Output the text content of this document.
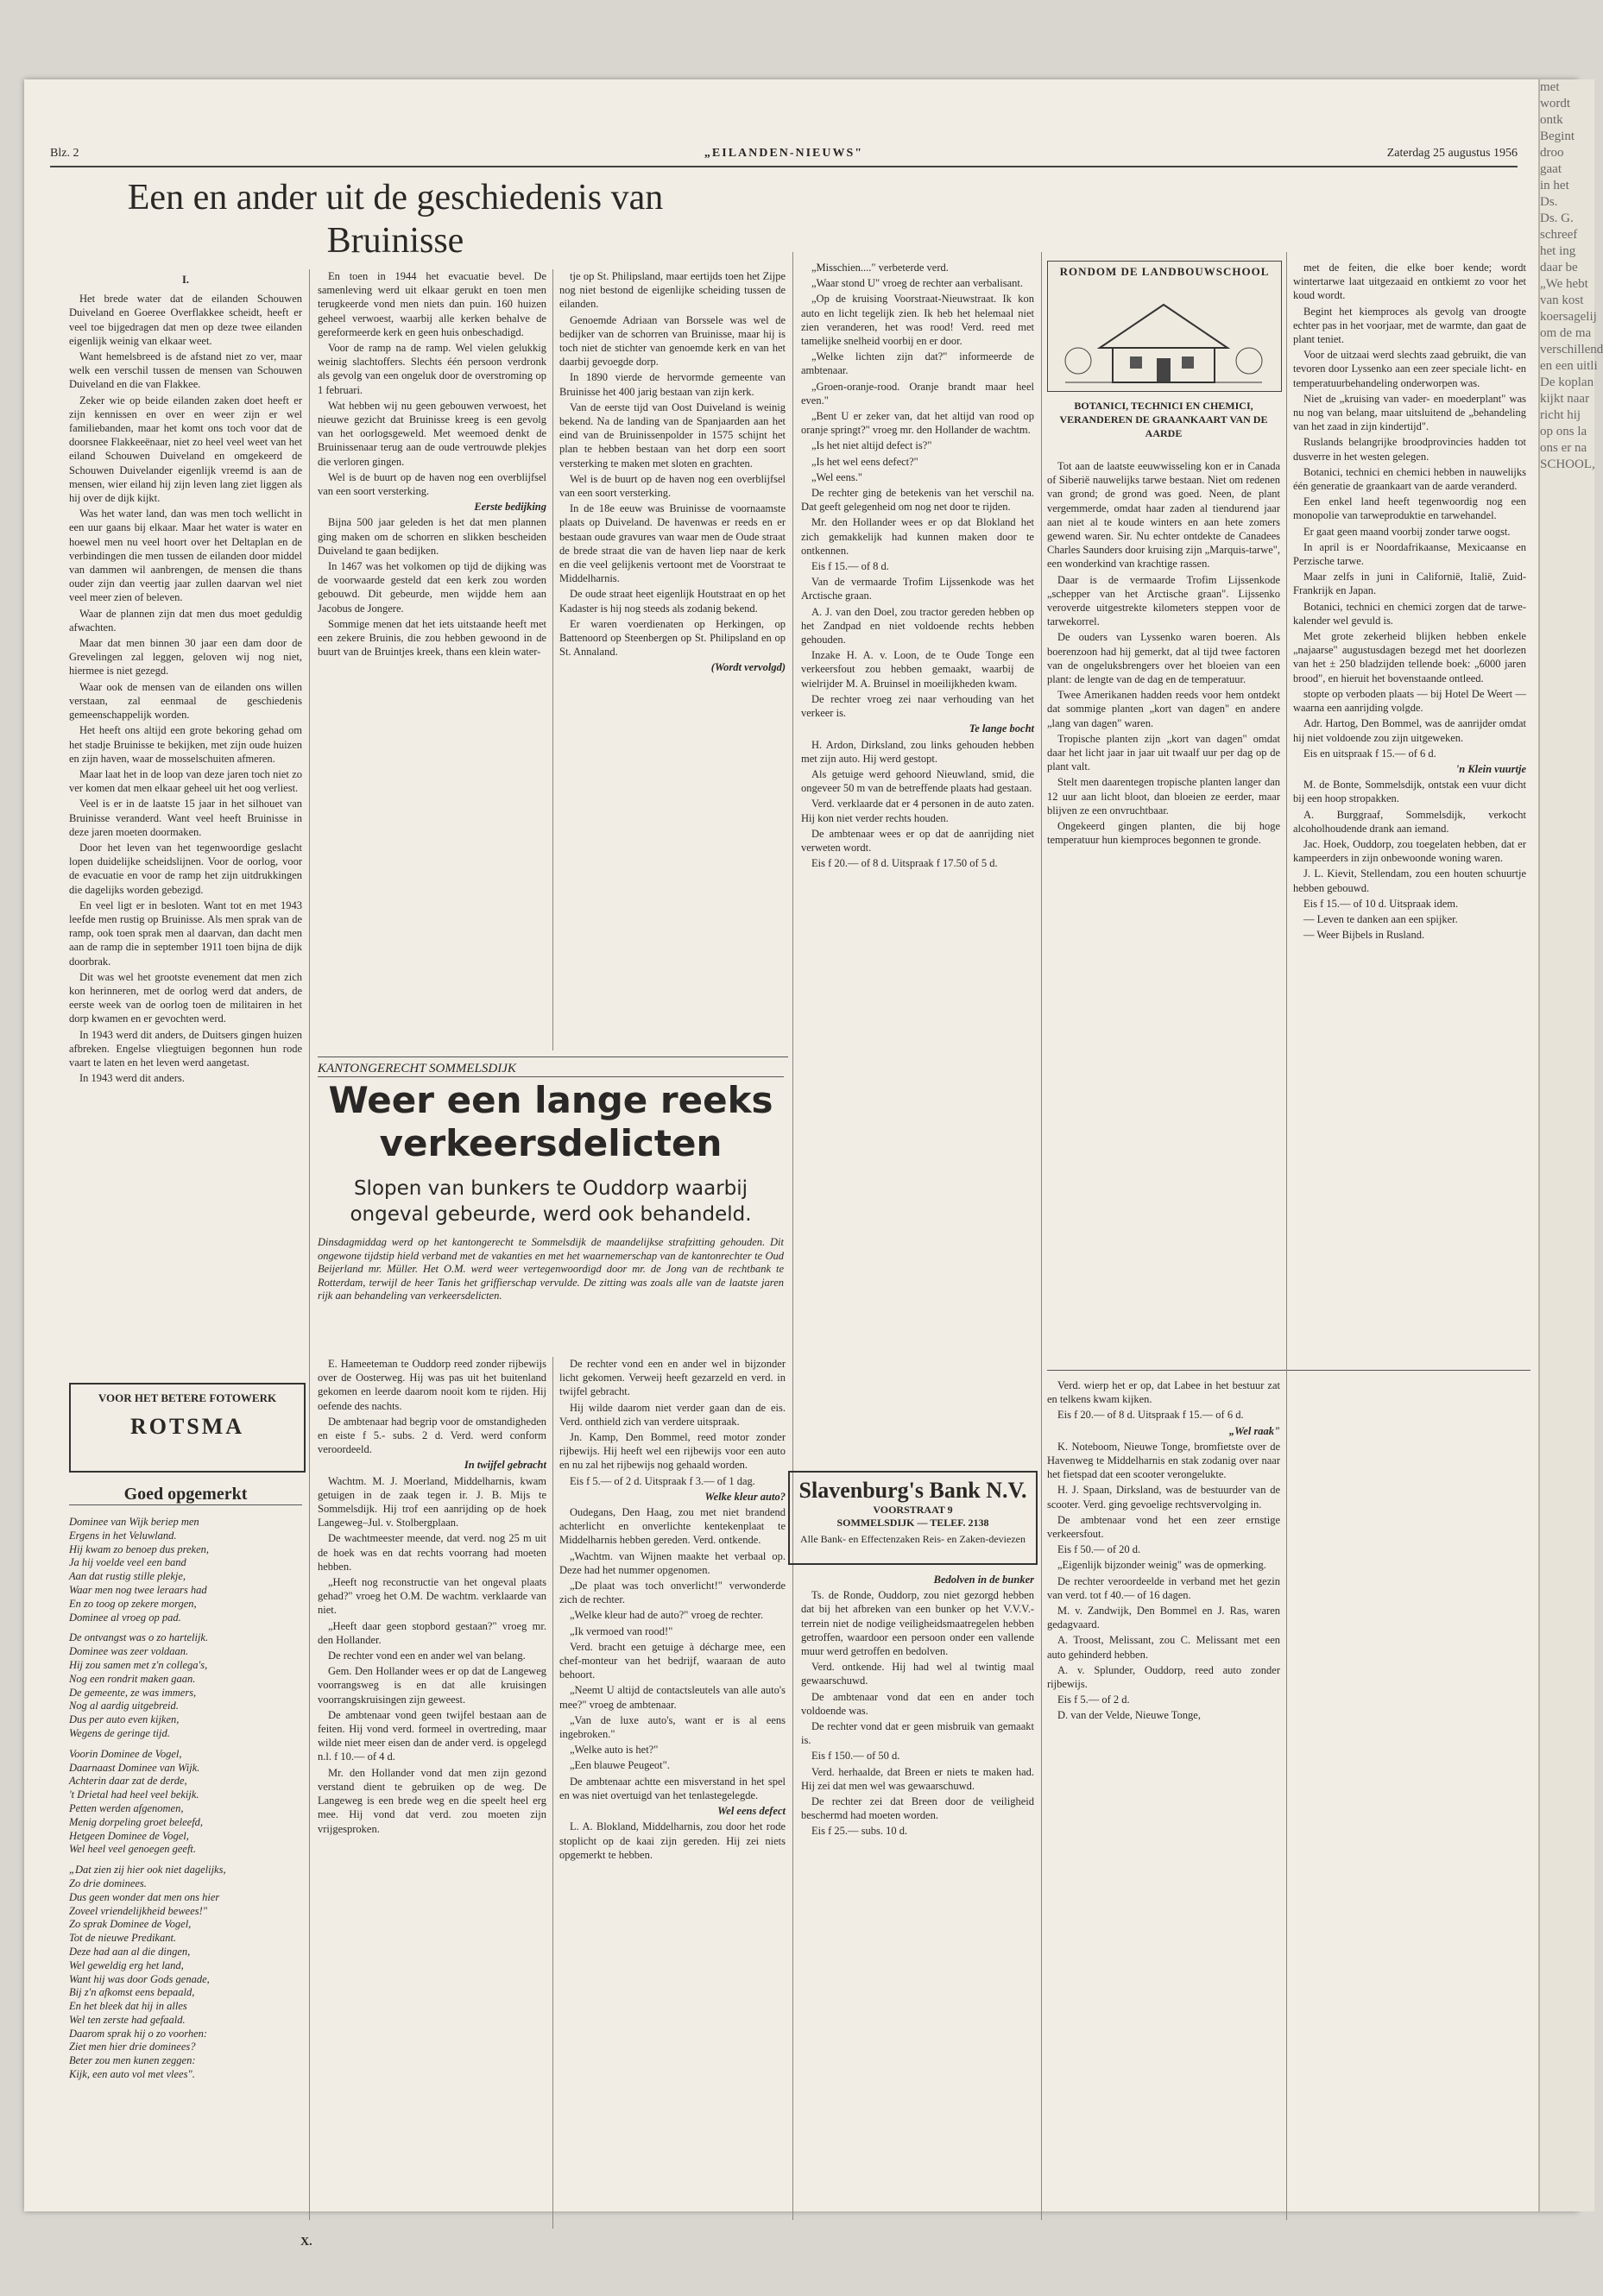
Blz. 2	„EILANDEN-NIEUWS"	Zaterdag 25 augustus 1956
Een en ander uit de geschiedenis van Bruinisse
I.

Het brede water dat de eilanden Schouwen Duiveland en Goeree Overflakkee scheidt, heeft er veel toe bijgedragen dat men op deze twee eilanden eigenlijk weinig van elkaar weet.

Want hemelsbreed is de afstand niet zo ver, maar welk een verschil tussen de mensen van Schouwen Duiveland en die van Flakkee.

Zeker wie op beide eilanden zaken doet heeft er zijn kennissen en over en weer zijn er wel familiebanden, maar het komt ons toch voor dat de doorsnee Flakkeeënaar, niet zo heel veel weet van het eiland Schouwen Duiveland en omgekeerd de Schouwen Duivelander eigenlijk vreemd is aan de mensen, wier eiland hij zijn leven lang ziet liggen als hij over de dijk kijkt.

Was het water land, dan was men toch wellicht in een uur gaans bij elkaar. Maar het water is water en hoewel men nu veel hoort over het Deltaplan en de verbindingen die men tussen de eilanden door middel van dammen wil aanbrengen, de mensen die thans ouder zijn dan veertig jaar zullen daarvan wel niet veel meer zien of beleven.

Waar de plannen zijn dat men dus moet geduldig afwachten.

Maar dat men binnen 30 jaar een dam door de Grevelingen zal leggen, geloven wij nog niet, hiermee is niet gezegd.

Waar ook de mensen van de eilanden ons willen verstaan, zal eenmaal de geschiedenis gemeenschappelijk worden.

Het heeft ons altijd een grote bekoring gehad om het stadje Bruinisse te bekijken, met zijn oude huizen en zijn haven, waar de mosselschuiten afmeren.

Maar laat het in de loop van deze jaren toch niet zo ver komen dat men elkaar geheel uit het oog verliest.

Veel is er in de laatste 15 jaar in het silhouet van Bruinisse veranderd. Want veel heeft Bruinisse in deze jaren moeten doormaken.

Door het leven van het tegenwoordige geslacht lopen duidelijke scheidslijnen. Voor de oorlog, voor de evacuatie en voor de ramp het zijn uitdrukkingen die dagelijks worden gebezigd.

En veel ligt er in besloten. Want tot en met 1943 leefde men rustig op Bruinisse. Als men sprak van de ramp, ook toen sprak men al daarvan, dan dacht men aan de ramp die in september 1911 toen bijna de dijk doorbrak.

Dit was wel het grootste evenement dat men zich kon herinneren, met de oorlog werd dat anders, de eerste week van de oorlog toen de militairen in het dorp kwamen en er gevochten werd.

In 1943 werd dit anders, de Duitsers gingen huizen afbreken. Engelse vliegtuigen begonnen hun rode vaart te laten en het leven werd aangetast.

In 1943 werd dit anders.

En toen in 1944 het evacuatie bevel. De samenleving werd uit elkaar gerukt en toen men terugkeerde vond men niets dan puin. 160 huizen geheel verwoest, waarbij alle kerken behalve de gereformeerde kerk en geen huis onbeschadigd.

Voor de ramp na de ramp. Wel vielen gelukkig weinig slachtoffers. Slechts één persoon verdronk als gevolg van een ongeluk door de overstroming op 1 februari.

Wat hebben wij nu geen gebouwen verwoest, het nieuwe gezicht dat Bruinisse kreeg is een gevolg van het oorlogsgeweld. Met weemoed denkt de Bruinissenaar terug aan de oude vertrouwde plekjes die verloren gingen.

Wel is de buurt op de haven nog een overblijfsel van een soort versterking.

Eerste bedijking

Bijna 500 jaar geleden is het dat men plannen ging maken om de schorren en slikken bescheiden Duiveland te gaan bedijken.

In 1467 was het volkomen op tijd de dijking was de voorwaarde gesteld dat een kerk zou worden gebouwd. Dit gebeurde, men wijdde hem aan Jacobus de Jongere.

Sommige menen dat het iets uitstaande heeft met een zekere Bruinis, die zou hebben gewoond in de buurt van de Bruintjes kreek, thans een klein water-

tje op St. Philipsland, maar eertijds toen het Zijpe nog niet bestond de eigenlijke scheiding tussen de eilanden.

Genoemde Adriaan van Borssele was wel de bedijker van de schorren van Bruinisse, maar hij is toch niet de stichter van genoemde kerk en van het daarbij gevoegde dorp.

In 1890 vierde de hervormde gemeente van Bruinisse het 400 jarig bestaan van zijn kerk.

Van de eerste tijd van Oost Duiveland is weinig bekend. Na de landing van de Spanjaarden aan het eind van de Bruinissenpolder in 1575 schijnt het plan te hebben bestaan van het dorp een soort versterking te maken met sloten en grachten.

Wel is de buurt op de haven nog een overblijfsel van een soort versterking.

In de 18e eeuw was Bruinisse de voornaamste plaats op Duiveland. De havenwas er reeds en er bestaan oude gravures van waar men de Oude straat de brede straat die van de haven liep naar de kerk en die veel gelijkenis vertoont met de Voorstraat te Middelharnis.

De oude straat heet eigenlijk Houtstraat en op het Kadaster is hij nog steeds als zodanig bekend.

Er waren voerdienaten op Herkingen, op Battenoord op Steenbergen op St. Philipsland en op St. Annaland.

(Wordt vervolgd)

VOOR HET BETERE FOTOWERK
ROTSMA
Goed opgemerkt
Dominee van Wijk beriep men
Ergens in het Veluwland.
Hij kwam zo benoep dus preken,
Ja hij voelde veel een band
Aan dat rustig stille plekje,
Waar men nog twee leraars had
En zo toog op zekere morgen,
Dominee al vroeg op pad.
De ontvangst was o zo hartelijk.
Dominee was zeer voldaan.
Hij zou samen met z'n collega's,
Nog een rondrit maken gaan.
De gemeente, ze was immers,
Nog al aardig uitgebreid.
Dus per auto even kijken,
Wegens de geringe tijd.
Voorin Dominee de Vogel,
Daarnaast Dominee van Wijk.
Achterin daar zat de derde,
't Drietal had heel veel bekijk.
Petten werden afgenomen,
Menig dorpeling groet beleefd,
Hetgeen Dominee de Vogel,
Wel heel veel genoegen geeft.
„Dat zien zij hier ook niet dagelijks,
Zo drie dominees.
Dus geen wonder dat men ons hier
Zoveel vriendelijkheid bewees!"
Zo sprak Dominee de Vogel,
Tot de nieuwe Predikant.
Deze had aan al die dingen,
Wel geweldig erg het land,
Want hij was door Gods genade,
Bij z'n afkomst eens bepaald,
En het bleek dat hij in alles
Wel ten zerste had gefaald.
Daarom sprak hij o zo voorhen:
Ziet men hier drie dominees?
Beter zou men kunen zeggen:
Kijk, een auto vol met vlees".
X.
KANTONGERECHT SOMMELSDIJK
Weer een lange reeks verkeersdelicten
Slopen van bunkers te Ouddorp waarbij ongeval gebeurde, werd ook behandeld.
Dinsdagmiddag werd op het kantongerecht te Sommelsdijk de maandelijkse strafzitting gehouden. Dit ongewone tijdstip hield verband met de vakanties en met het waarnemerschap van de kantonrechter te Oud Beijerland mr. Müller. Het O.M. werd weer vertegenwoordigd door mr. de Jong van de rechtbank te Rotterdam, terwijl de heer Tanis het griffierschap vervulde. De zitting was zoals alle van de laatste jaren rijk aan behandeling van verkeersdelicten.

E. Hameeteman te Ouddorp reed zonder rijbewijs over de Oosterweg. Hij was pas uit het buitenland gekomen en leerde daarom nooit kom te rijden. Hij oefende des nachts.

De ambtenaar had begrip voor de omstandigheden en eiste f 5.- subs. 2 d. Verd. werd conform veroordeeld.

In twijfel gebracht

Wachtm. M. J. Moerland, Middelharnis, kwam getuigen in de zaak tegen ir. J. B. Mijs te Sommelsdijk. Hij trof een aanrijding op de hoek Langeweg–Jul. v. Stolbergplaan.

De wachtmeester meende, dat verd. nog 25 m uit de hoek was en dat rechts voorrang had moeten hebben.

„Heeft nog reconstructie van het ongeval plaats gehad?" vroeg het O.M. De wachtm. verklaarde van niet.

„Heeft daar geen stopbord gestaan?" vroeg mr. den Hollander.

De rechter vond een en ander wel van belang.

Gem. Den Hollander wees er op dat de Langeweg voorrangsweg is en dat alle kruisingen voorrangskruisingen zijn geweest.

De ambtenaar vond geen twijfel bestaan aan de feiten. Hij vond verd. formeel in overtreding, maar wilde niet meer eisen dan de ander verd. is opgelegd n.l. f 10.— of 4 d.

Mr. den Hollander vond dat men zijn gezond verstand dient te gebruiken op de weg. De Langeweg is een brede weg en die speelt heel erg mee. Hij vond dat verd. zou moeten zijn vrijgesproken.

De rechter vond een en ander wel in bijzonder licht gekomen. Verweij heeft gezarzeld en verd. in twijfel gebracht.

Hij wilde daarom niet verder gaan dan de eis. Verd. onthield zich van verdere uitspraak.

Jn. Kamp, Den Bommel, reed motor zonder rijbewijs. Hij heeft wel een rijbewijs voor een auto en nu zal het rijbewijs nog gehaald worden.

Eis f 5.— of 2 d. Uitspraak f 3.— of 1 dag.

Welke kleur auto?

Oudegans, Den Haag, zou met niet brandend achterlicht en onverlichte kentekenplaat te Middelharnis hebben gereden. Verd. ontkende.

„Wachtm. van Wijnen maakte het verbaal op. Deze had het nummer opgenomen.

„De plaat was toch onverlicht!" verwonderde zich de rechter.

„Welke kleur had de auto?" vroeg de rechter.

„Ik vermoed van rood!"

Verd. bracht een getuige à décharge mee, een chef-monteur van het bedrijf, waaraan de auto behoort.

„Neemt U altijd de contactsleutels van alle auto's mee?" vroeg de ambtenaar.

„Van de luxe auto's, want er is al eens ingebroken."

„Welke auto is het?"

„Een blauwe Peugeot".

De ambtenaar achtte een misverstand in het spel en was niet overtuigd van het tenlastegelegde.

Wel eens defect

L. A. Blokland, Middelharnis, zou door het rode stoplicht op de kaai zijn gereden. Hij zei niets opgemerkt te hebben.

„Misschien...." verbeterde verd.

„Waar stond U" vroeg de rechter aan verbalisant.

„Op de kruising Voorstraat-Nieuwstraat. Ik kon auto en licht tegelijk zien. Ik heb het helemaal niet zien veranderen, het was rood! Verd. reed met tamelijke snelheid voorbij en er door.

„Welke lichten zijn dat?" informeerde de ambtenaar.

„Groen-oranje-rood. Oranje brandt maar heel even."

„Bent U er zeker van, dat het altijd van rood op oranje springt?" vroeg mr. den Hollander de wachtm.

„Is het niet altijd defect is?"

„Is het wel eens defect?"

„Wel eens."

De rechter ging de betekenis van het verschil na. Dat geeft gelegenheid om nog net door te rijden.

Mr. den Hollander wees er op dat Blokland het zich gemakkelijk had kunnen maken door te ontkennen.

Eis f 15.— of 8 d.

Van de vermaarde Trofim Lijssenkode was het Arctische graan.

A. J. van den Doel, zou tractor gereden hebben op het Zandpad en niet voldoende rechts hebben gehouden.

Inzake H. A. v. Loon, de te Oude Tonge een verkeersfout zou hebben gemaakt, waarbij de wielrijder M. A. Bruinsel in moeilijkheden kwam.

De rechter vroeg zei naar verhouding van het verkeer is.

Te lange bocht

H. Ardon, Dirksland, zou links gehouden hebben met zijn auto. Hij werd gestopt.

Als getuige werd gehoord Nieuwland, smid, die ongeveer 50 m van de betreffende plaats had gestaan.

Verd. verklaarde dat er 4 personen in de auto zaten. Hij kon niet verder rechts houden.

De ambtenaar wees er op dat de aanrijding niet verweten wordt.

Eis f 20.— of 8 d. Uitspraak f 17.50 of 5 d.

Slavenburg's Bank N.V.
VOORSTRAAT 9
SOMMELSDIJK — TELEF. 2138
Alle Bank- en Effectenzaken Reis- en Zaken-deviezen

Bedolven in de bunker

Ts. de Ronde, Ouddorp, zou niet gezorgd hebben dat bij het afbreken van een bunker op het V.V.V.-terrein niet de nodige veiligheidsmaatregelen hebben getroffen, waardoor een persoon onder een vallende muur werd getroffen en bedolven.

Verd. ontkende. Hij had wel al twintig maal gewaarschuwd.

De ambtenaar vond dat een en ander toch voldoende was.

De rechter vond dat er geen misbruik van gemaakt is.

Eis f 150.— of 50 d.

Verd. herhaalde, dat Breen er niets te maken had. Hij zei dat men wel was gewaarschuwd.

De rechter zei dat Breen door de veiligheid beschermd had moeten worden.

Eis f 25.— subs. 10 d.

RONDOM DE LANDBOUWSCHOOL
BOTANICI, TECHNICI EN CHEMICI, VERANDEREN DE GRAANKAART VAN DE AARDE

Tot aan de laatste eeuwwisseling kon er in Canada of Siberië nauwelijks tarwe bestaan. Niet om redenen van grond; de grond was goed. Neen, de plant vergemmerde, omdat haar zaden al tiendurend jaar aan niet al te koude winters en aan hete zomers gewend waren. Sir. Nu echter ontdekte de Canadees Charles Saunders door kruising zijn „Marquis-tarwe", een wonderkind van krachtige rassen.

Daar is de vermaarde Trofim Lijssenkode „schepper van het Arctische graan". Lijssenko veroverde uitgestrekte kilometers steppen voor de tarwekorrel.

De ouders van Lyssenko waren boeren. Als boerenzoon had hij gemerkt, dat al tijd twee factoren van de ongeluksbrengers over het bloeien van een plant: de lengte van de dag en de temperatuur.

Twee Amerikanen hadden reeds voor hem ontdekt dat sommige planten „kort van dagen" en andere „lang van dagen" waren.

Tropische planten zijn „kort van dagen" omdat daar het licht jaar in jaar uit twaalf uur per dag op de plant valt.

Stelt men daarentegen tropische planten langer dan 12 uur aan licht bloot, dan bloeien ze eerder, maar blijven ze een onvruchtbaar.

Ongekeerd gingen planten, die bij hoge temperatuur hun kiemproces begonnen te gronde.

Verd. wierp het er op, dat Labee in het bestuur zat en telkens kwam kijken.

Eis f 20.— of 8 d. Uitspraak f 15.— of 6 d.

„Wel raak"

K. Noteboom, Nieuwe Tonge, bromfietste over de Havenweg te Middelharnis en stak zodanig over naar het fietspad dat een scooter verongelukte.

H. J. Spaan, Dirksland, was de bestuurder van de scooter. Verd. ging gevoelige rechtsvervolging in.

De ambtenaar vond het een zeer ernstige verkeersfout.

Eis f 50.— of 20 d.

„Eigenlijk bijzonder weinig" was de opmerking.

De rechter veroordeelde in verband met het gezin van verd. tot f 40.— of 16 dagen.

M. v. Zandwijk, Den Bommel en J. Ras, waren gedagvaard.

A. Troost, Melissant, zou C. Melissant met een auto gehinderd hebben.

A. v. Splunder, Ouddorp, reed auto zonder rijbewijs.

Eis f 5.— of 2 d.

D. van der Velde, Nieuwe Tonge,

met de feiten, die elke boer kende; wordt wintertarwe laat uitgezaaid en ontkiemt zo voor het koud wordt.

Begint het kiemproces als gevolg van droogte echter pas in het voorjaar, met de warmte, dan gaat de plant teniet.

Voor de uitzaai werd slechts zaad gebruikt, die van tevoren door Lyssenko aan een zeer speciale licht- en temperatuurbehandeling onderworpen was.

Niet de „kruising van vader- en moederplant" was nu nog van belang, maar uitsluitend de „behandeling van het zaad in zijn kindertijd".

Ruslands belangrijke broodprovincies hadden tot dusverre in het westen gelegen.

Botanici, technici en chemici hebben in nauwelijks één generatie de graankaart van de aarde veranderd.

Een enkel land heeft tegenwoordig nog een monopolie van tarweproduktie en tarwehandel.

Er gaat geen maand voorbij zonder tarwe oogst.

In april is er Noordafrikaanse, Mexicaanse en Perzische tarwe.

Maar zelfs in juni in Californië, Italië, Zuid-Frankrijk en Japan.

Botanici, technici en chemici zorgen dat de tarwe-kalender wel gevuld is.

Met grote zekerheid blijken hebben enkele „najaarse" augustusdagen bezegd met het doorlezen van het ± 250 bladzijden tellende boek: „6000 jaren brood", en hieruit het bovenstaande ontleed.

stopte op verboden plaats — bij Hotel De Weert — waarna een aanrijding volgde.

Adr. Hartog, Den Bommel, was de aanrijder omdat hij niet voldoende zou zijn uitgeweken.

Eis en uitspraak f 15.— of 6 d.

'n Klein vuurtje

M. de Bonte, Sommelsdijk, ontstak een vuur dicht bij een hoop stropakken.

A. Burggraaf, Sommelsdijk, verkocht alcoholhoudende drank aan iemand.

Jac. Hoek, Ouddorp, zou toegelaten hebben, dat er kampeerders in zijn onbewoonde woning waren.

J. L. Kievit, Stellendam, zou een houten schuurtje hebben gebouwd.

Eis f 15.— of 10 d. Uitspraak idem.

— Leven te danken aan een spijker.

— Weer Bijbels in Rusland.

met
wordt
ontk
Begint
droo
gaat
in het
Ds.
Ds. G.
schreef
het ing
daar be
„We hebt
van kost
koersagelij
om de ma
verschillend
en een uitli
De koplan
kijkt naar
richt hij
op ons la
ons er na
SCHOOL,
